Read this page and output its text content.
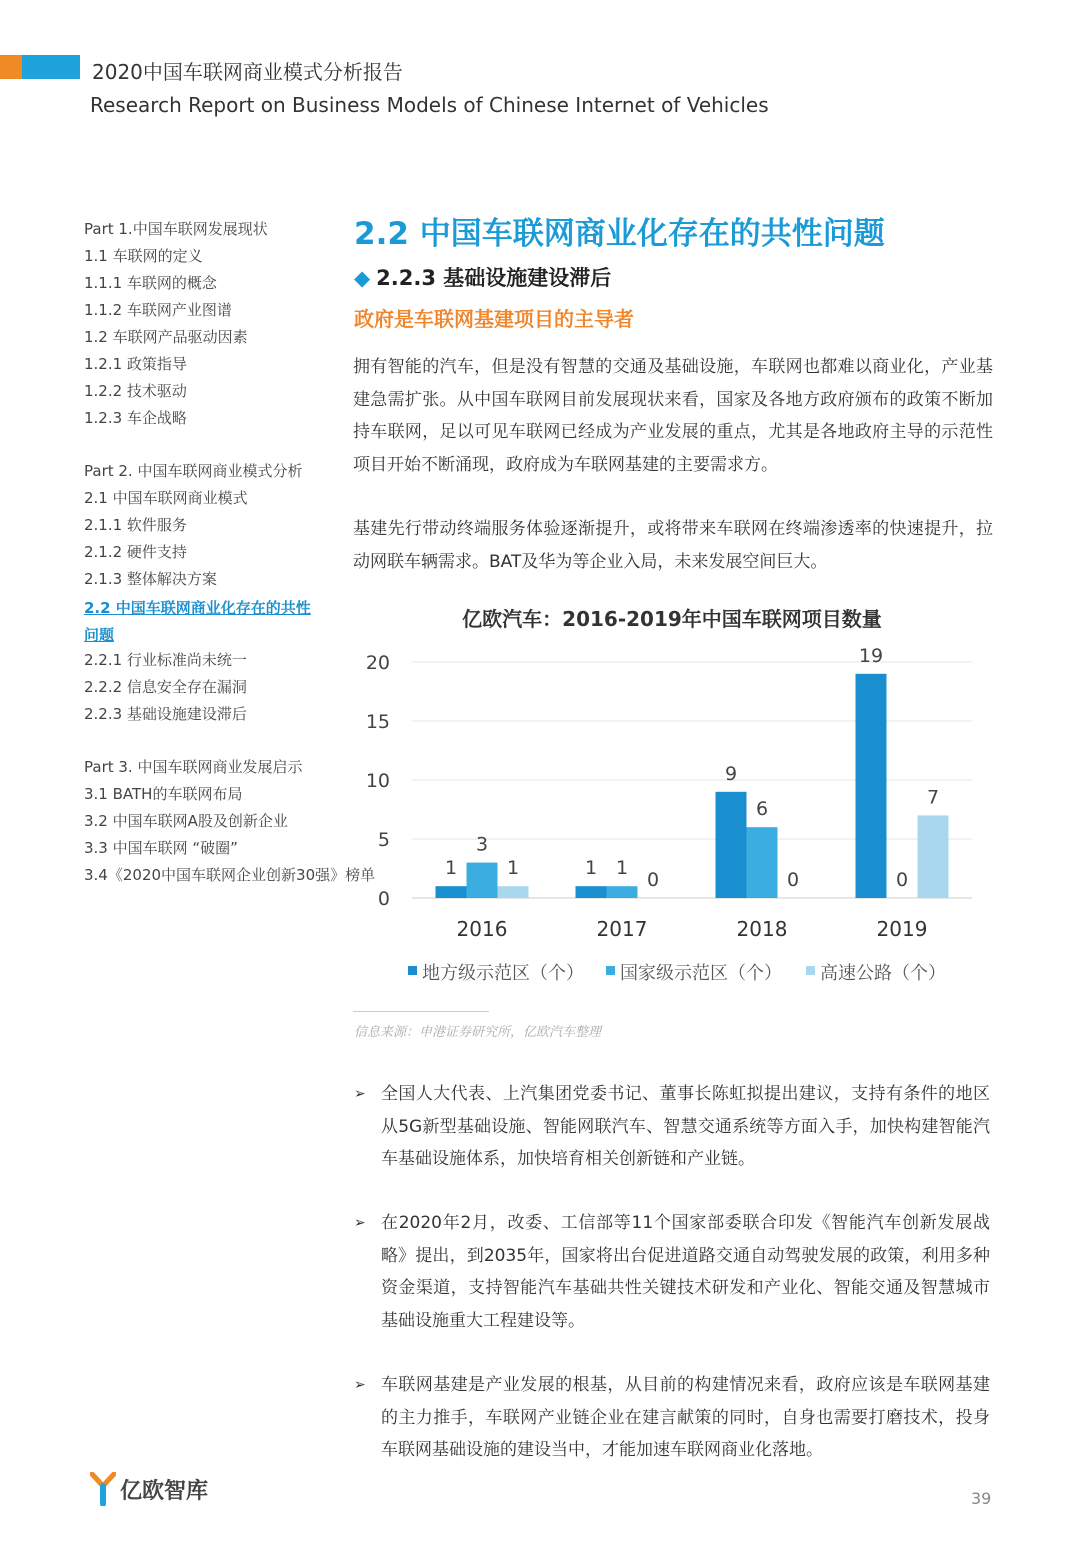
2020中国车联网商业模式分析报告
Research Report on Business Models of Chinese Internet of Vehicles
Part 1.中国车联网发展现状
1.1 车联网的定义
1.1.1 车联网的概念
1.1.2 车联网产业图谱
1.2 车联网产品驱动因素
1.2.1 政策指导
1.2.2 技术驱动
1.2.3 车企战略
Part 2. 中国车联网商业模式分析
2.1 中国车联网商业模式
2.1.1 软件服务
2.1.2 硬件支持
2.1.3 整体解决方案
2.2 中国车联网商业化存在的共性问题
2.2.1 行业标准尚未统一
2.2.2 信息安全存在漏洞
2.2.3 基础设施建设滞后
Part 3. 中国车联网商业发展启示
3.1 BATH的车联网布局
3.2 中国车联网A股及创新企业
3.3 中国车联网 “破圈”
3.4《2020中国车联网企业创新30强》榜单
2.2 中国车联网商业化存在的共性问题
◆ 2.2.3 基础设施建设滞后
政府是车联网基建项目的主导者

拥有智能的汽车，但是没有智慧的交通及基础设施，车联网也都难以商业化，产业基建急需扩张。从中国车联网目前发展现状来看，国家及各地方政府颁布的政策不断加持车联网，足以可见车联网已经成为产业发展的重点，尤其是各地政府主导的示范性项目开始不断涌现，政府成为车联网基建的主要需求方。

基建先行带动终端服务体验逐渐提升，或将带来车联网在终端渗透率的快速提升，拉动网联车辆需求。BAT及华为等企业入局，未来发展空间巨大。

亿欧汽车：2016-2019年中国车联网项目数量
0
5
10
15
20
1
3
1
2016
1 1
0
2017
9
6
0
2018
19
0
7
2019
地方级示范区（个） 国家级示范区（个） 高速公路（个）
信息来源：申港证券研究所，亿欧汽车整理
➢ 全国人大代表、上汽集团党委书记、董事长陈虹拟提出建议，支持有条件的地区从5G新型基础设施、智能网联汽车、智慧交通系统等方面入手，加快构建智能汽车基础设施体系，加快培育相关创新链和产业链。

➢ 在2020年2月，改委、工信部等11个国家部委联合印发《智能汽车创新发展战略》提出，到2035年，国家将出台促进道路交通自动驾驶发展的政策，利用多种资金渠道，支持智能汽车基础共性关键技术研发和产业化、智能交通及智慧城市基础设施重大工程建设等。

➢ 车联网基建是产业发展的根基，从目前的构建情况来看，政府应该是车联网基建的主力推手，车联网产业链企业在建言献策的同时，自身也需要打磨技术，投身车联网基础设施的建设当中，才能加速车联网商业化落地。

亿欧智库	39
